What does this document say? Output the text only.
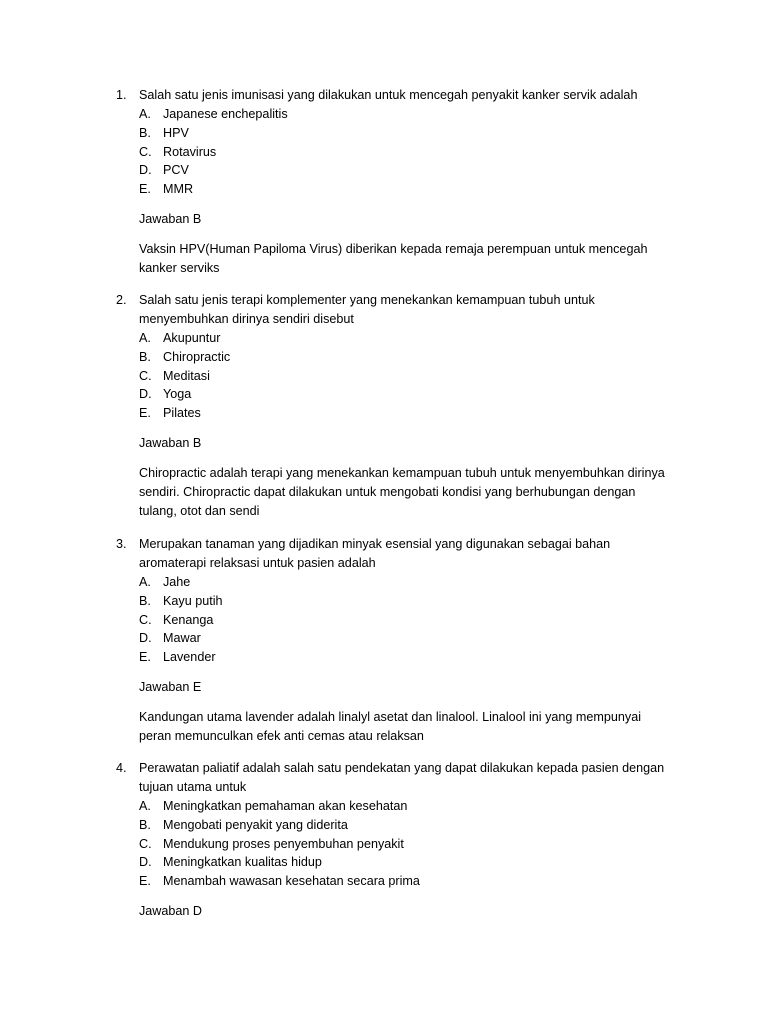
1. Salah satu jenis imunisasi yang dilakukan untuk mencegah penyakit kanker servik adalah
A. Japanese enchepalitis
B. HPV
C. Rotavirus
D. PCV
E. MMR
Jawaban B
Vaksin HPV(Human Papiloma Virus) diberikan kepada remaja perempuan untuk mencegah kanker serviks
2. Salah satu jenis terapi komplementer yang menekankan kemampuan tubuh untuk menyembuhkan dirinya sendiri disebut
A. Akupuntur
B. Chiropractic
C. Meditasi
D. Yoga
E. Pilates
Jawaban B
Chiropractic adalah terapi yang menekankan kemampuan tubuh untuk menyembuhkan dirinya sendiri. Chiropractic dapat dilakukan untuk mengobati kondisi yang berhubungan dengan tulang, otot dan sendi
3. Merupakan tanaman yang dijadikan minyak esensial yang digunakan sebagai bahan aromaterapi relaksasi untuk pasien adalah
A. Jahe
B. Kayu putih
C. Kenanga
D. Mawar
E. Lavender
Jawaban E
Kandungan utama lavender adalah linalyl asetat dan linalool. Linalool ini yang mempunyai peran memunculkan efek anti cemas atau relaksan
4. Perawatan paliatif adalah salah satu pendekatan yang dapat dilakukan kepada pasien dengan tujuan utama untuk
A. Meningkatkan pemahaman akan kesehatan
B. Mengobati penyakit yang diderita
C. Mendukung proses penyembuhan penyakit
D. Meningkatkan kualitas hidup
E. Menambah wawasan kesehatan secara prima
Jawaban D
